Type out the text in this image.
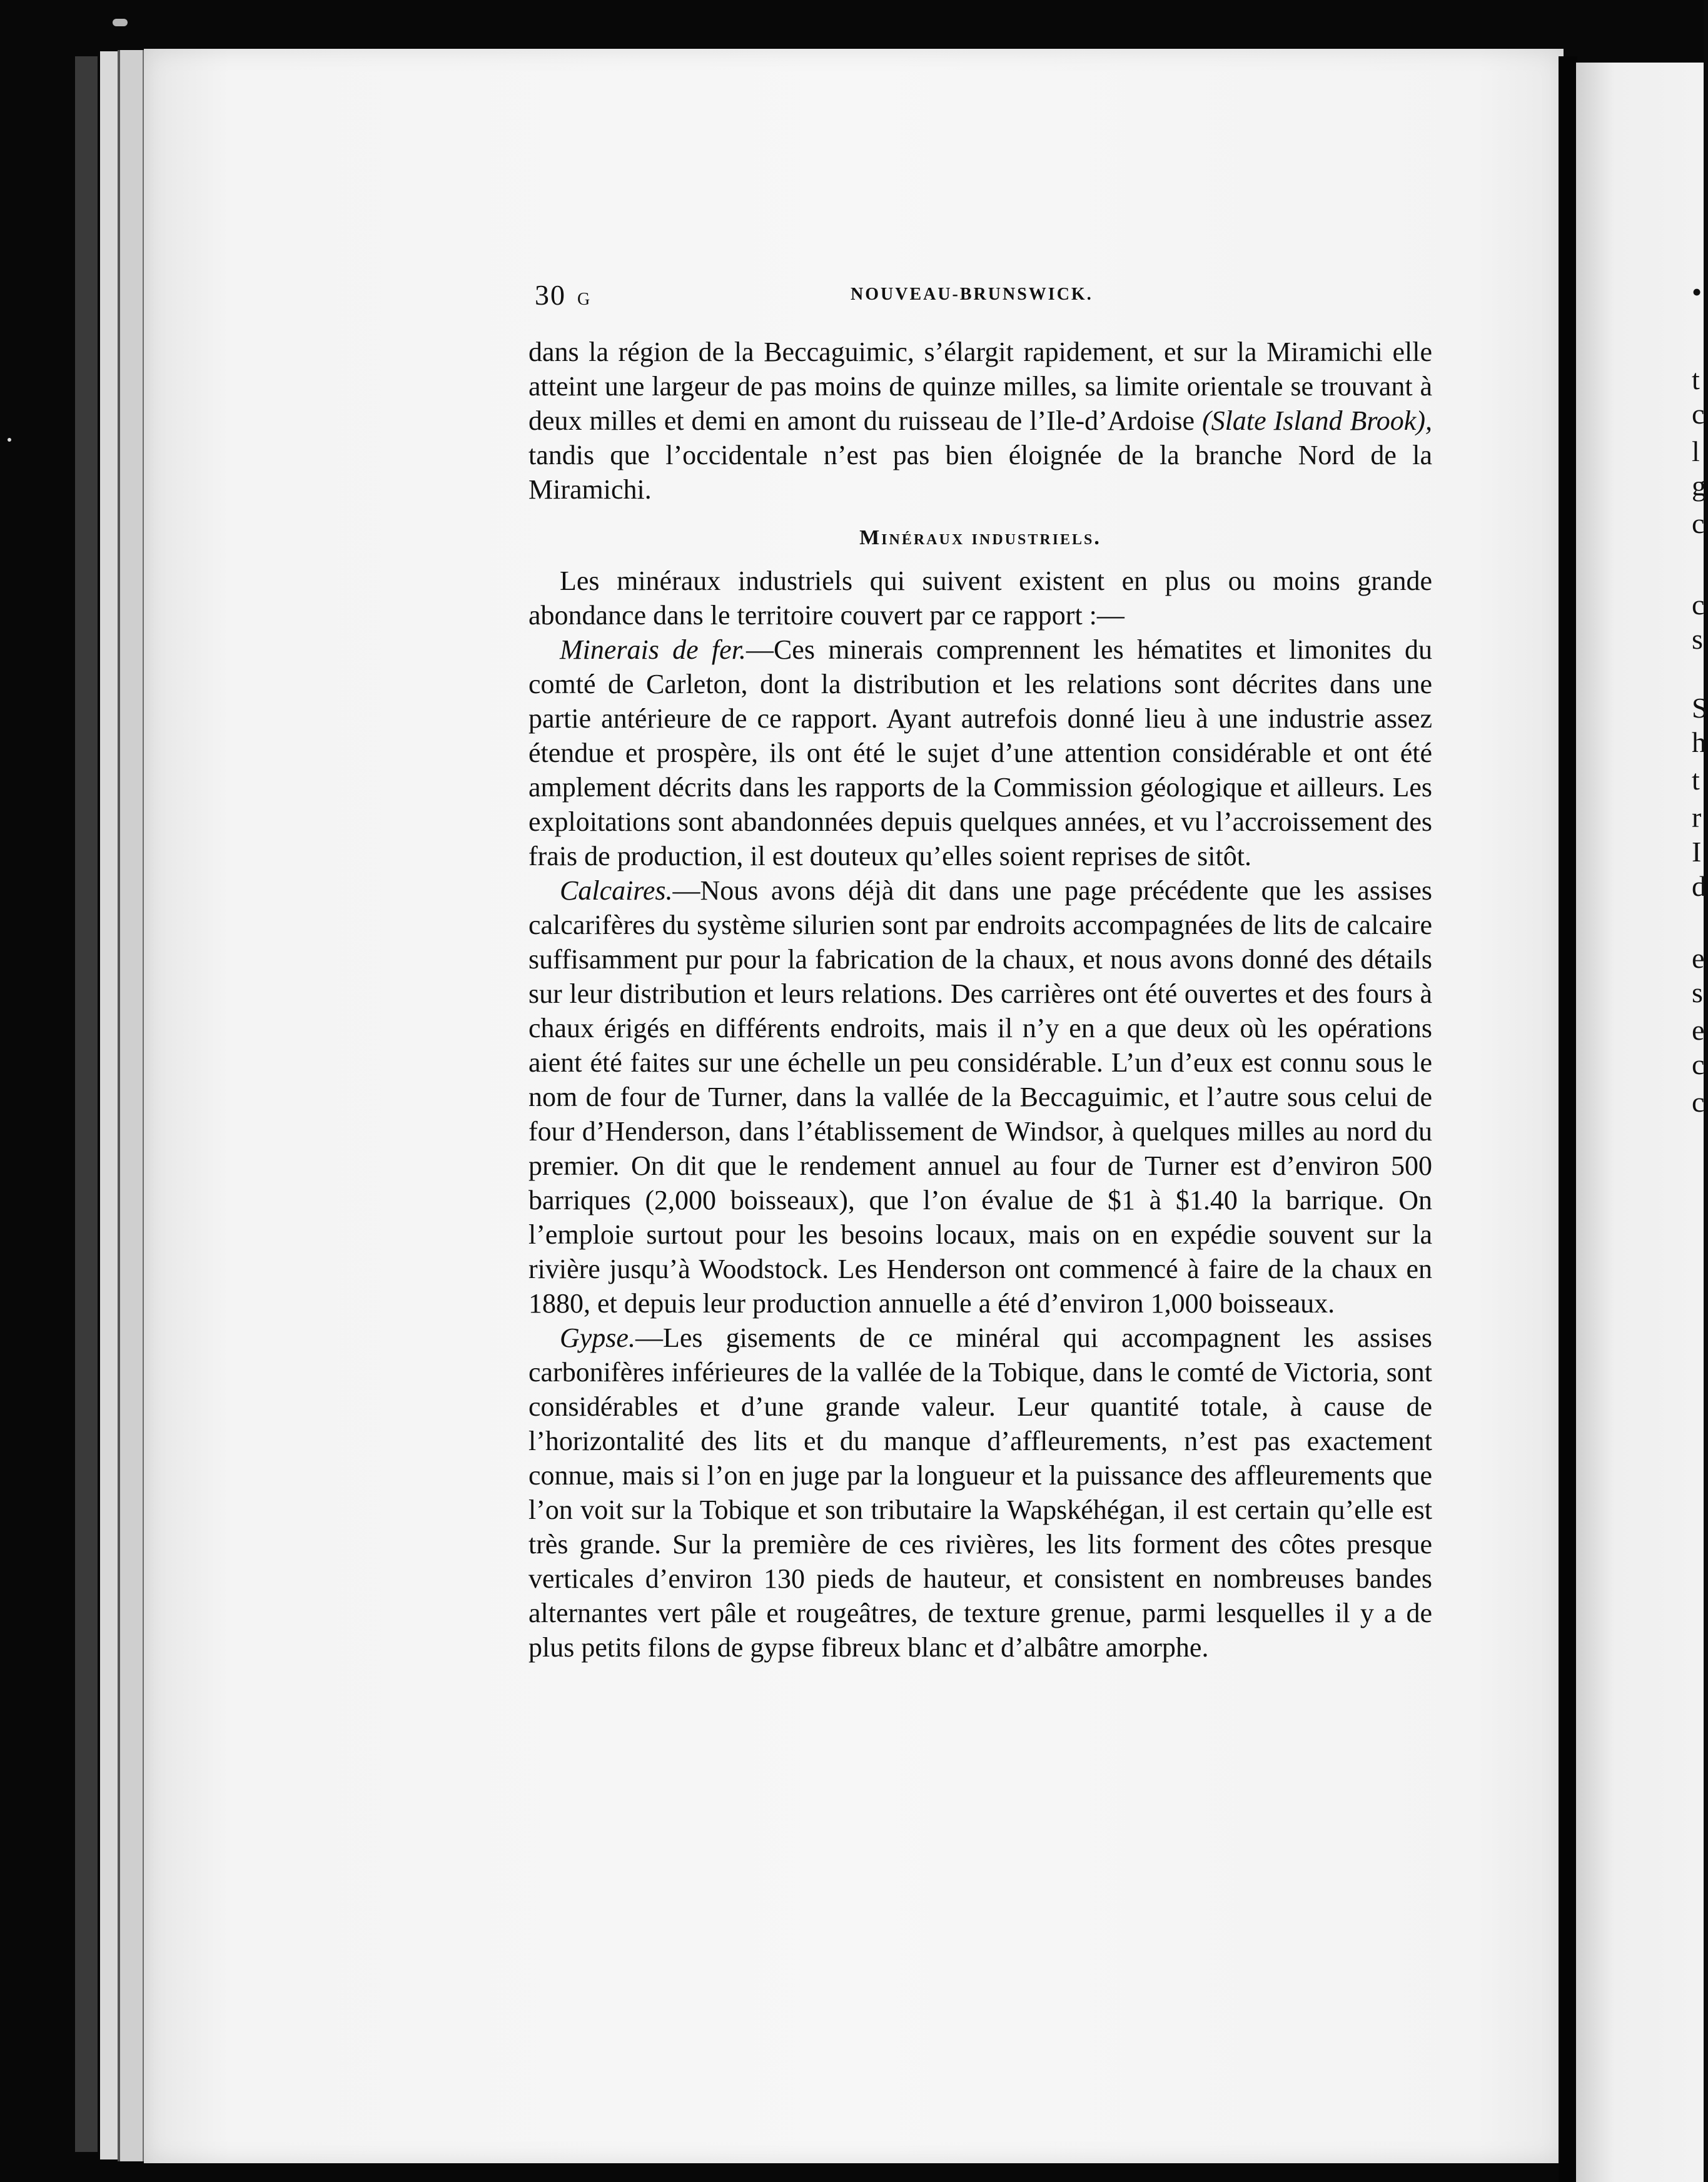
•
t
c
l
g
c
c
s
S
h
t
r
I
d
e
s
e
c
c
30 G	NOUVEAU-BRUNSWICK.

dans la région de la Beccaguimic, s’élargit rapidement, et sur la Miramichi elle atteint une largeur de pas moins de quinze milles, sa limite orientale se trouvant à deux milles et demi en amont du ruisseau de l’Ile-d’Ardoise (Slate Island Brook), tandis que l’occidentale n’est pas bien éloignée de la branche Nord de la Miramichi.

Minéraux industriels.

Les minéraux industriels qui suivent existent en plus ou moins grande abondance dans le territoire couvert par ce rapport :—

Minerais de fer.—Ces minerais comprennent les hématites et limonites du comté de Carleton, dont la distribution et les relations sont décrites dans une partie antérieure de ce rapport. Ayant autrefois donné lieu à une industrie assez étendue et prospère, ils ont été le sujet d’une attention considérable et ont été amplement décrits dans les rapports de la Commission géologique et ailleurs. Les exploitations sont abandonnées depuis quelques années, et vu l’accroissement des frais de production, il est douteux qu’elles soient reprises de sitôt.

Calcaires.—Nous avons déjà dit dans une page précédente que les assises calcarifères du système silurien sont par endroits accompagnées de lits de calcaire suffisamment pur pour la fabrication de la chaux, et nous avons donné des détails sur leur distribution et leurs relations. Des carrières ont été ouvertes et des fours à chaux érigés en différents endroits, mais il n’y en a que deux où les opérations aient été faites sur une échelle un peu considérable. L’un d’eux est connu sous le nom de four de Turner, dans la vallée de la Beccaguimic, et l’autre sous celui de four d’Henderson, dans l’établissement de Windsor, à quelques milles au nord du premier. On dit que le rendement annuel au four de Turner est d’environ 500 barriques (2,000 boisseaux), que l’on évalue de $1 à $1.40 la barrique. On l’emploie surtout pour les besoins locaux, mais on en expédie souvent sur la rivière jusqu’à Woodstock. Les Henderson ont commencé à faire de la chaux en 1880, et depuis leur production annuelle a été d’environ 1,000 boisseaux.

Gypse.—Les gisements de ce minéral qui accompagnent les assises carbonifères inférieures de la vallée de la Tobique, dans le comté de Victoria, sont considérables et d’une grande valeur. Leur quantité totale, à cause de l’horizontalité des lits et du manque d’affleurements, n’est pas exactement connue, mais si l’on en juge par la longueur et la puissance des affleurements que l’on voit sur la Tobique et son tributaire la Wapskéhégan, il est certain qu’elle est très grande. Sur la première de ces rivières, les lits forment des côtes presque verticales d’environ 130 pieds de hauteur, et consistent en nombreuses bandes alternantes vert pâle et rougeâtres, de texture grenue, parmi lesquelles il y a de plus petits filons de gypse fibreux blanc et d’albâtre amorphe.
